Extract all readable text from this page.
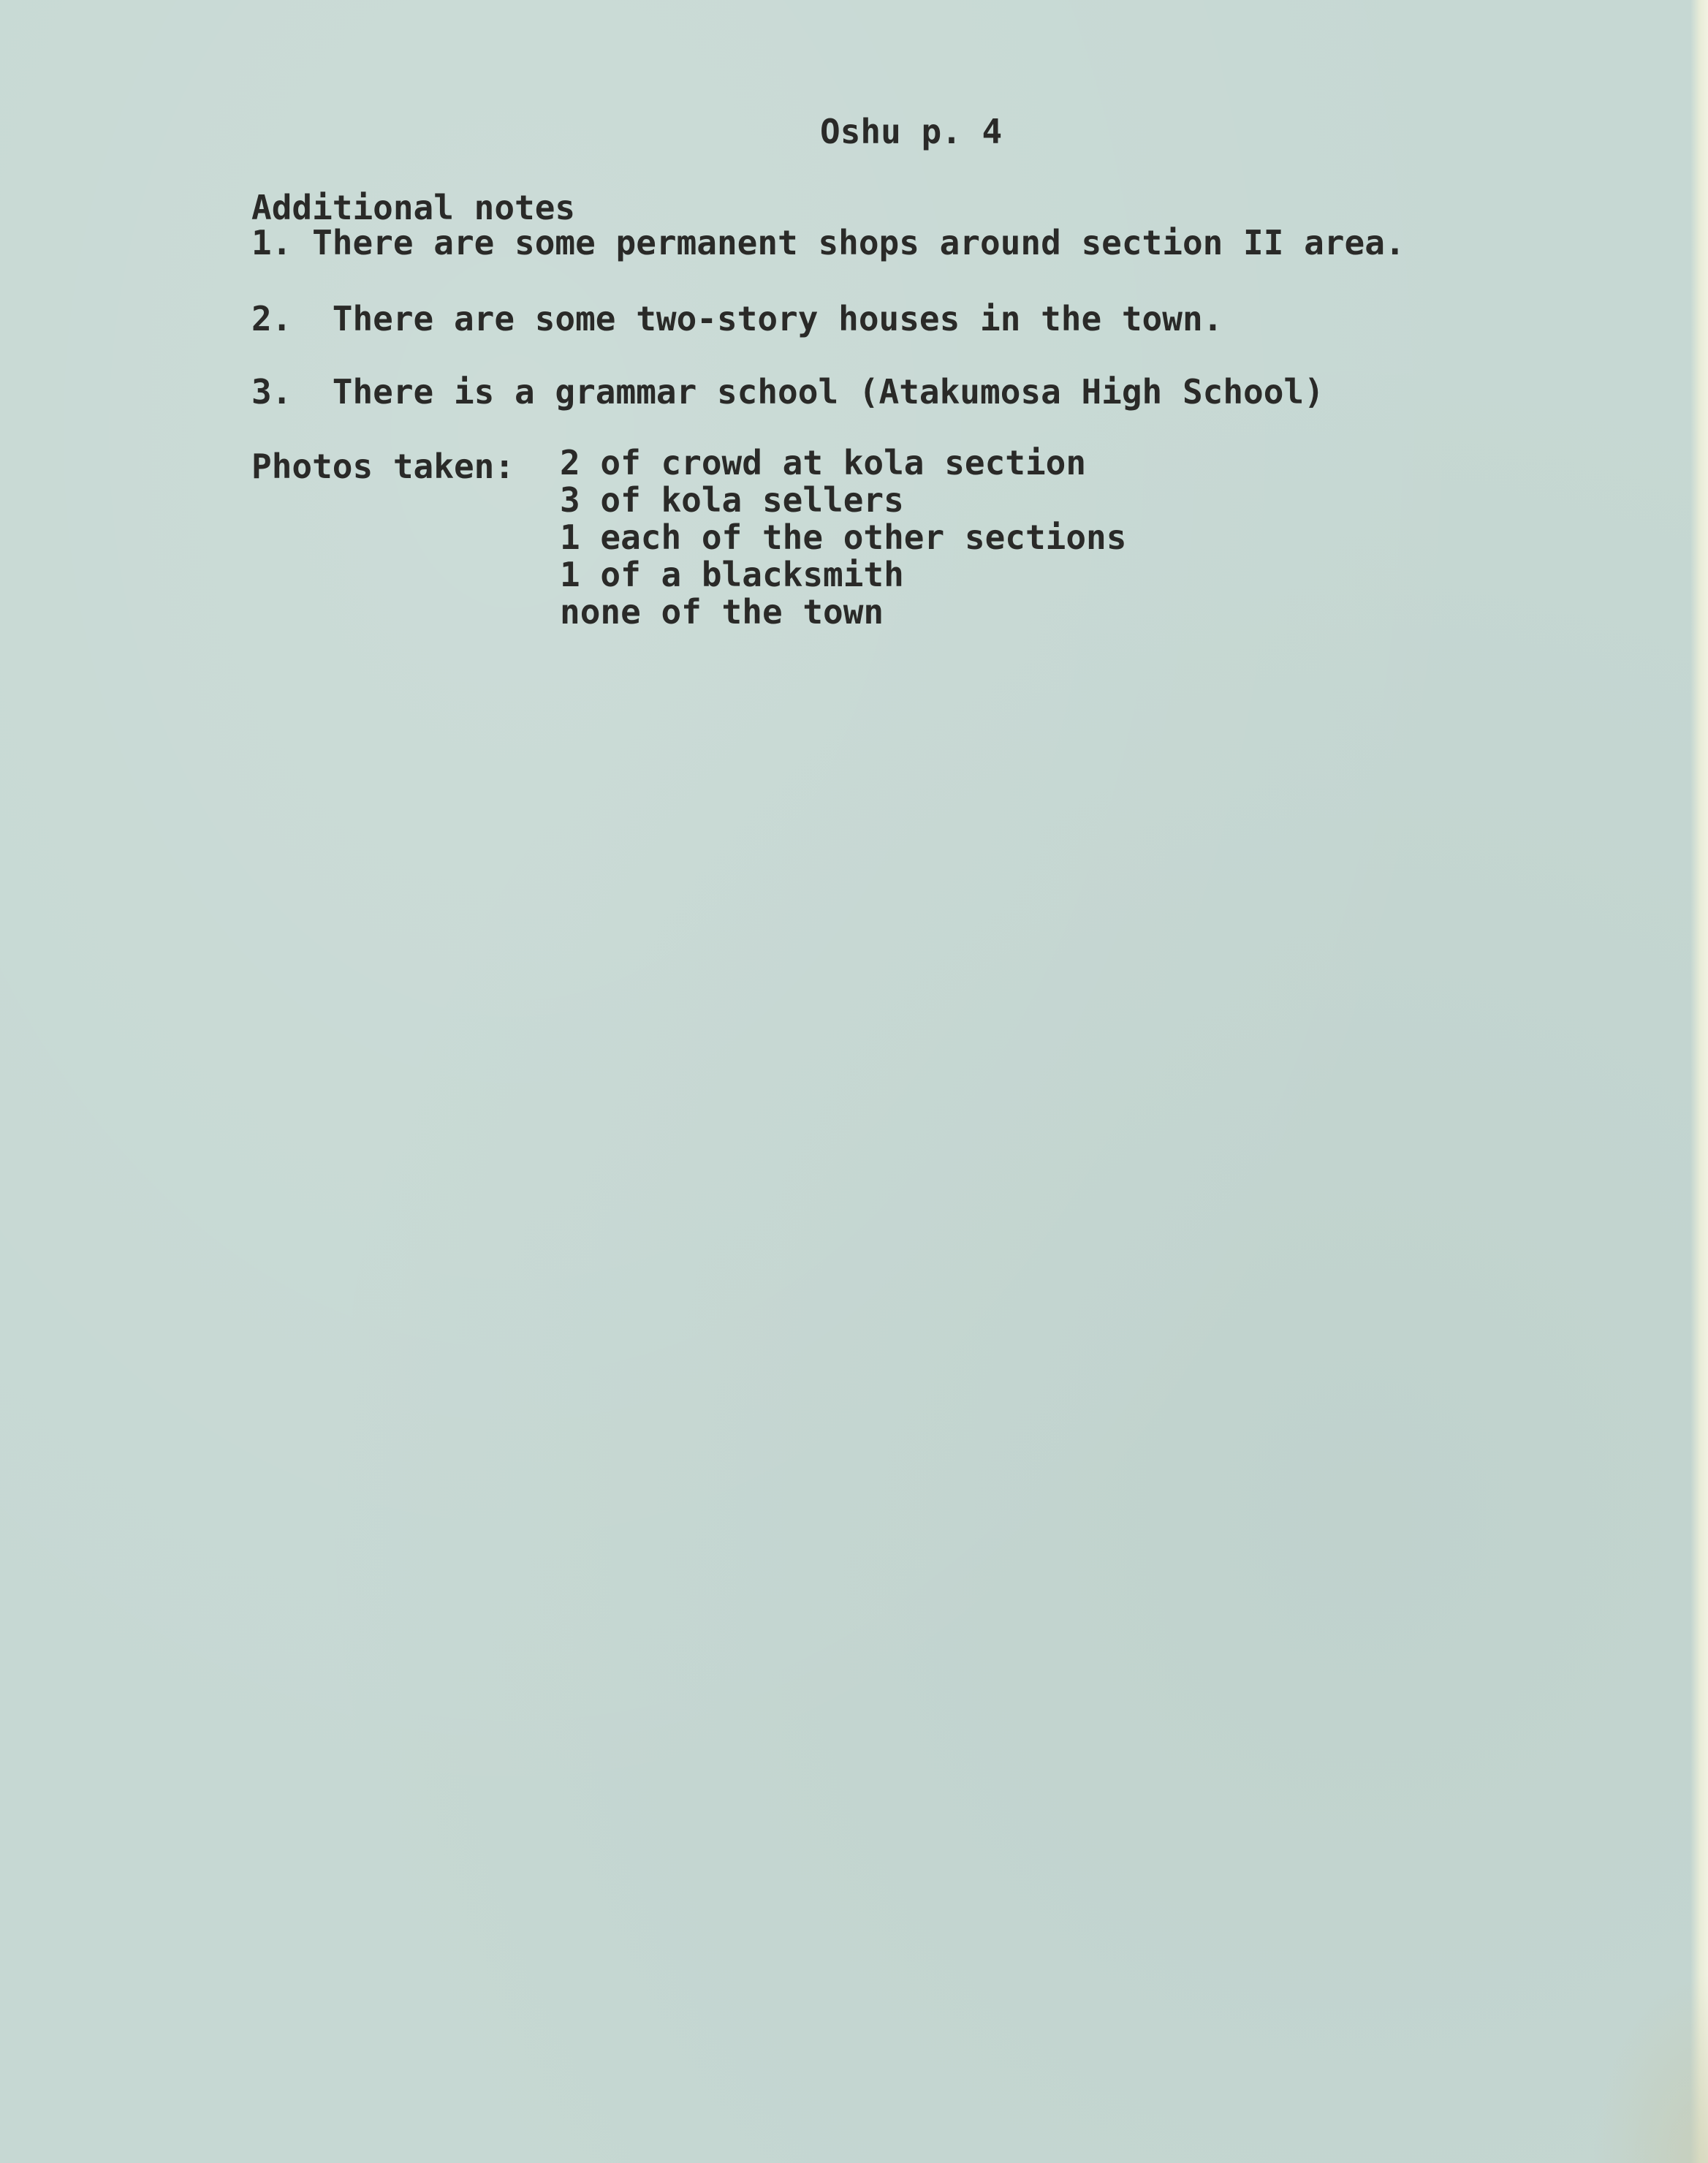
Oshu p. 4
Additional notes
1. There are some permanent shops around section II area.
2.  There are some two-story houses in the town.
3.  There is a grammar school (Atakumosa High School)
Photos taken: 2 of crowd at kola section
3 of kola sellers
1 each of the other sections
1 of a blacksmith
none of the town
